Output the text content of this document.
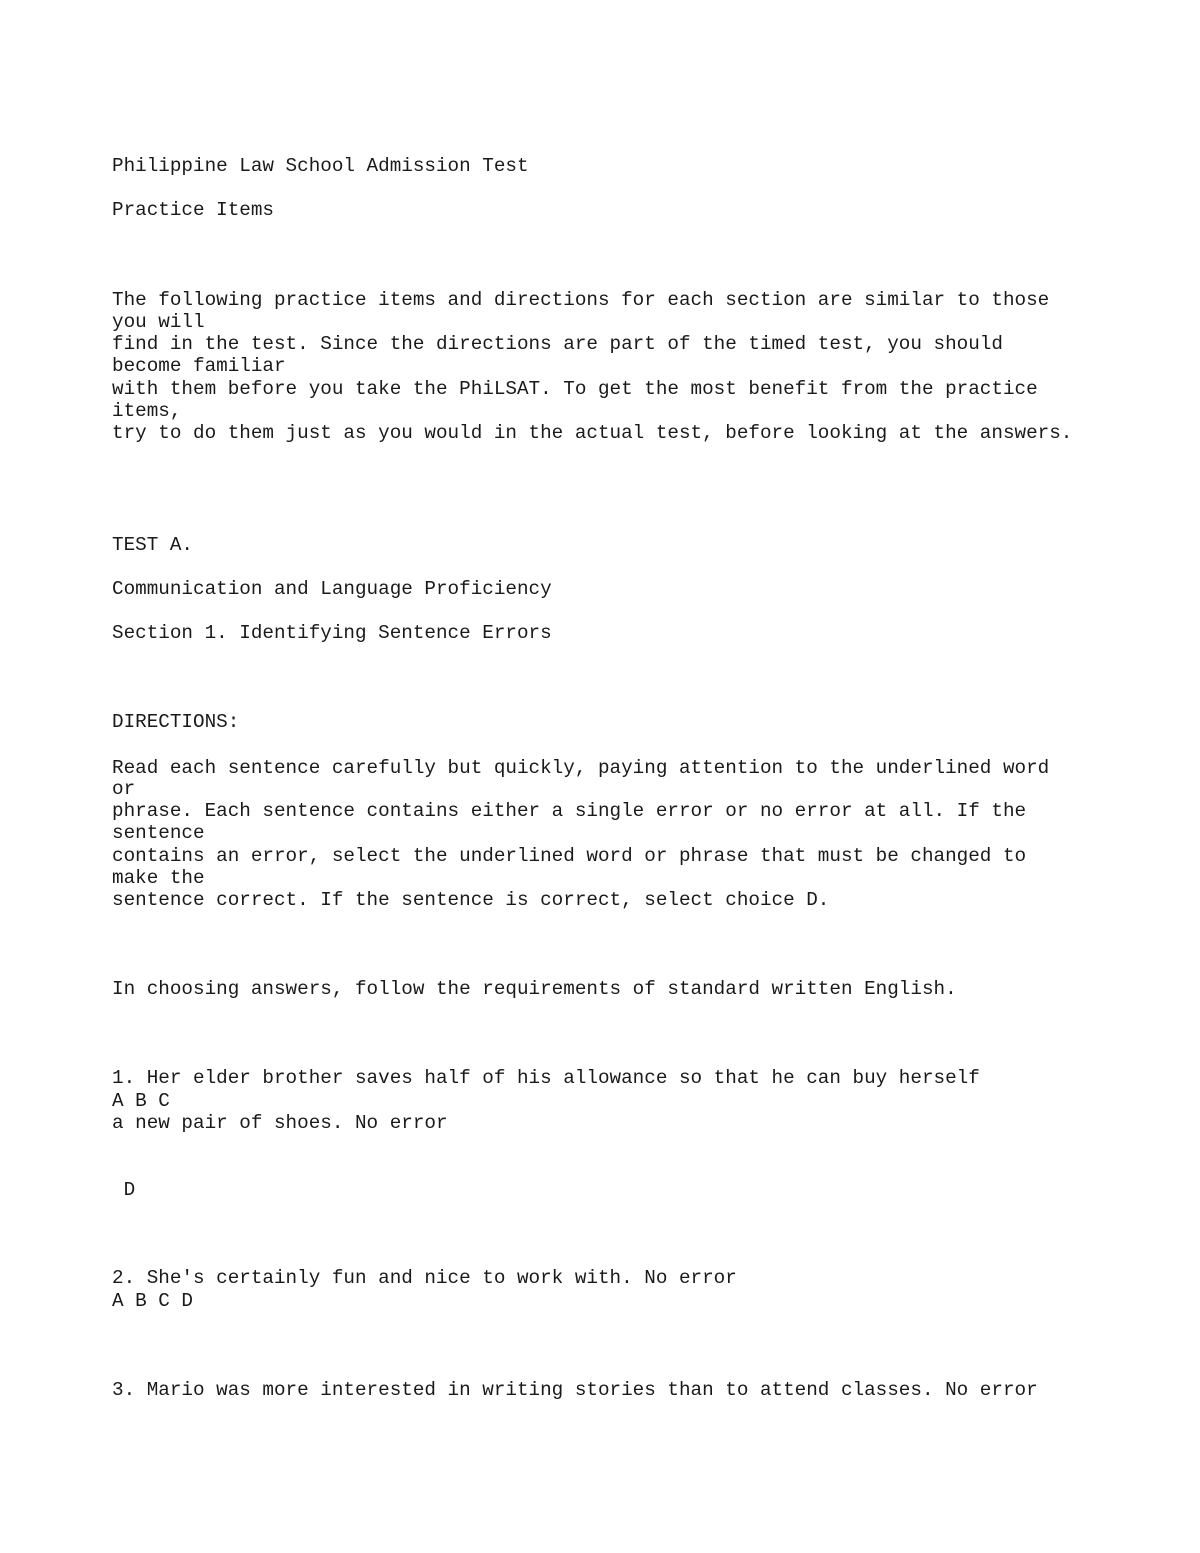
Philippine Law School Admission Test

Practice Items

The following practice items and directions for each section are similar to those

you will

find in the test. Since the directions are part of the timed test, you should

become familiar

with them before you take the PhiLSAT. To get the most benefit from the practice

items,

try to do them just as you would in the actual test, before looking at the answers.

TEST A.

Communication and Language Proficiency

Section 1. Identifying Sentence Errors

DIRECTIONS:

Read each sentence carefully but quickly, paying attention to the underlined word

or

phrase. Each sentence contains either a single error or no error at all. If the

sentence

contains an error, select the underlined word or phrase that must be changed to

make the

sentence correct. If the sentence is correct, select choice D.

In choosing answers, follow the requirements of standard written English.

1. Her elder brother saves half of his allowance so that he can buy herself

A B C

a new pair of shoes. No error

D

2. She's certainly fun and nice to work with. No error

A B C D

3. Mario was more interested in writing stories than to attend classes. No error
